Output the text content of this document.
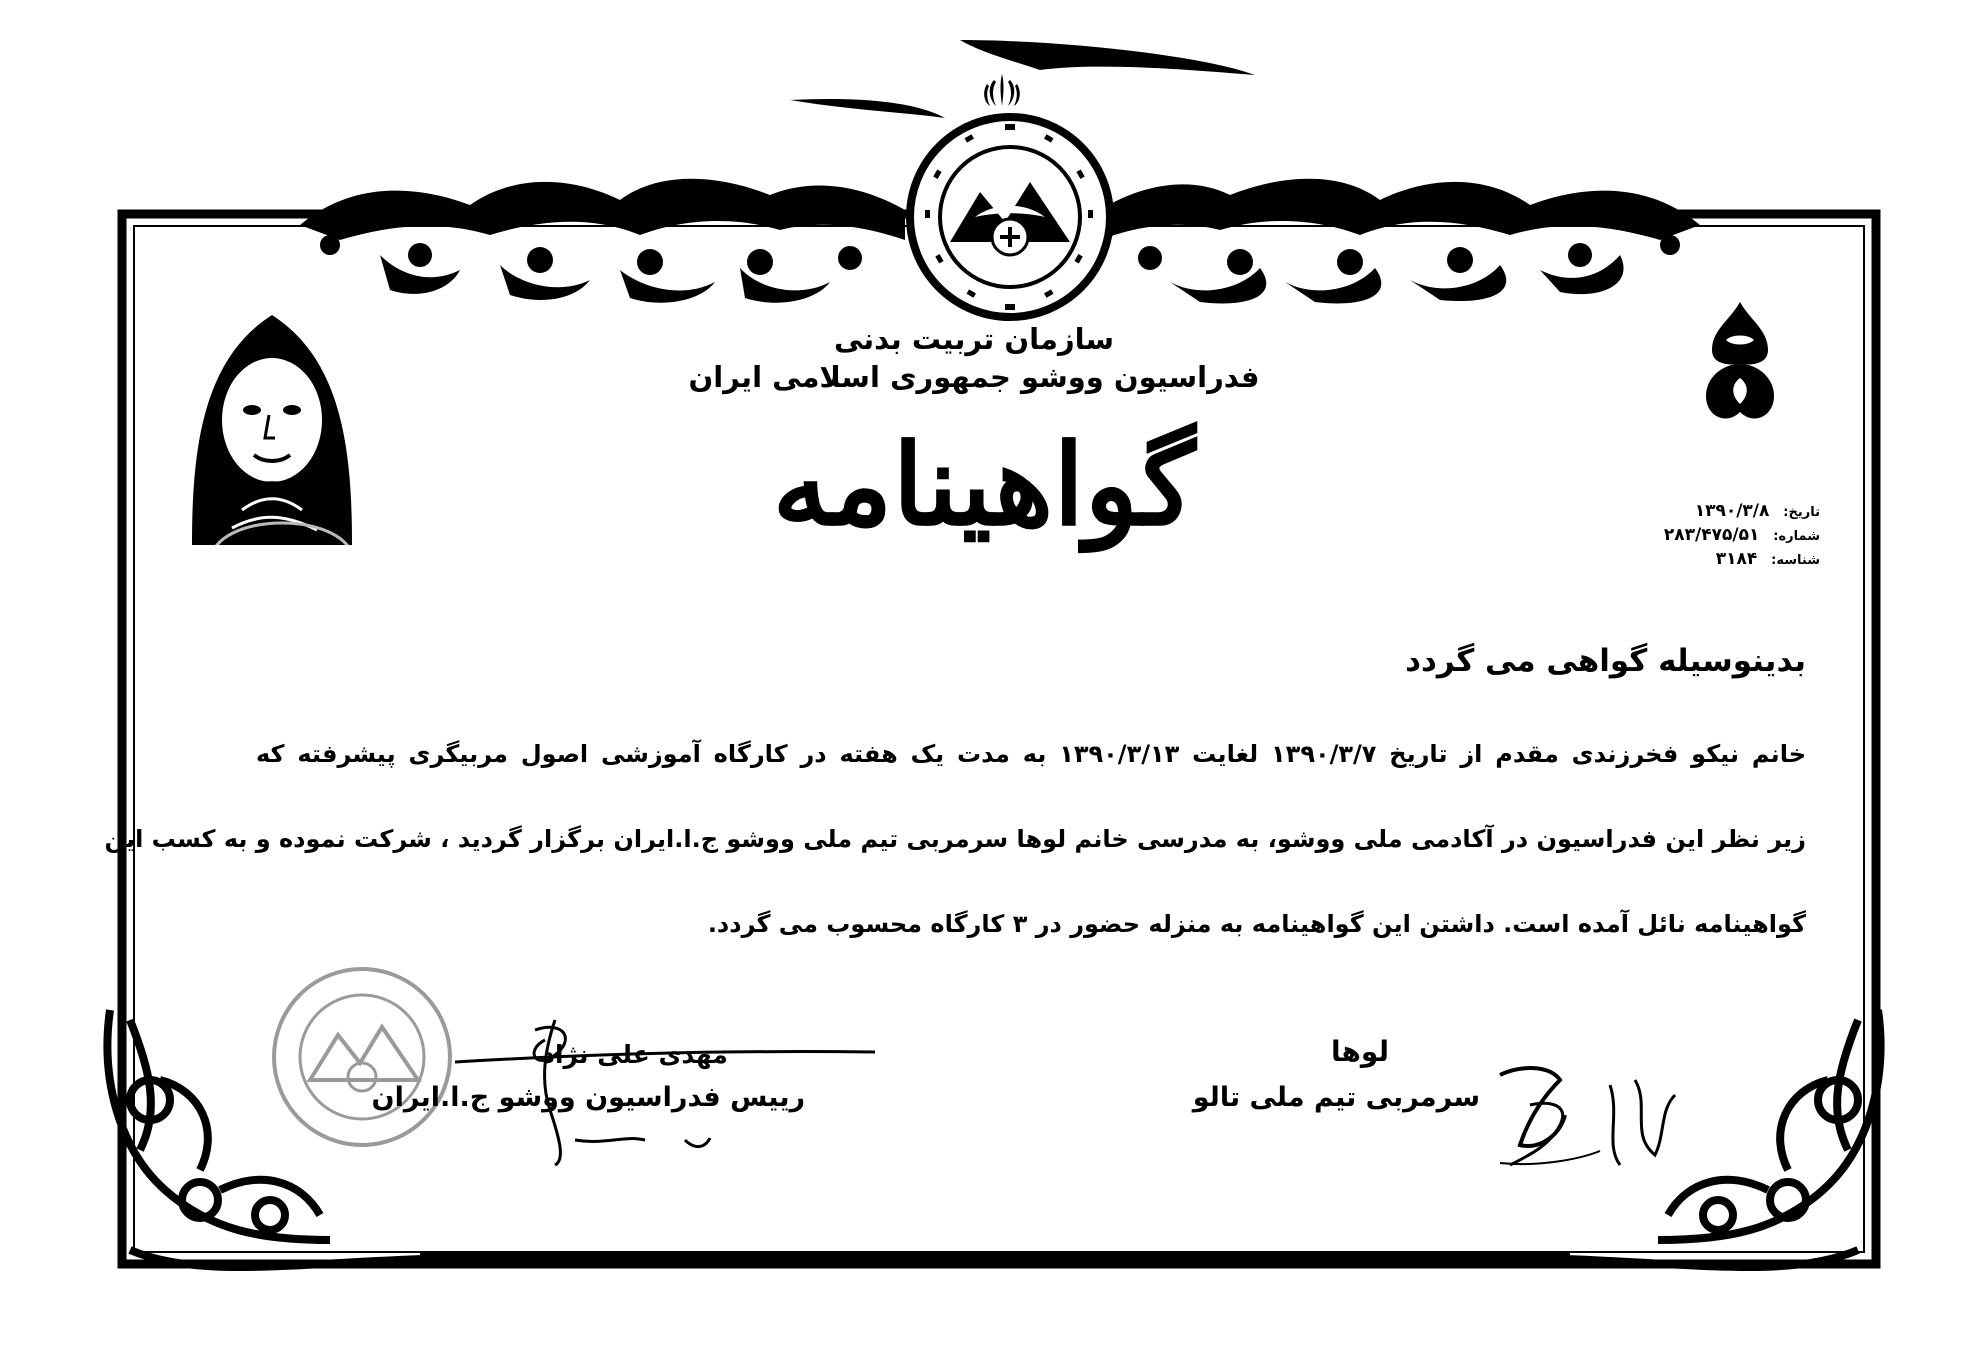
سازمان تربیت بدنی
فدراسیون ووشو جمهوری اسلامی ایران
گواهینامه	تاریخ: ۱۳۹۰/۳/۸
شماره: ۲۸۳/۴۷۵/۵۱
شناسه: ۳۱۸۴
بدینوسیله گواهی می گردد
خانم نیکو فخرزندی مقدم از تاریخ ۱۳۹۰/۳/۷ لغایت ۱۳۹۰/۳/۱۳ به مدت یک هفته در کارگاه آموزشی اصول مربیگری پیشرفته که
زیر نظر این فدراسیون در آکادمی ملی ووشو، به مدرسی خانم لوها سرمربی تیم ملی ووشو ج.ا.ایران برگزار گردید ، شرکت نموده و به کسب این
گواهینامه نائل آمده است. داشتن این گواهینامه به منزله حضور در ۳ کارگاه محسوب می گردد.
مهدی علی نژاد
رییس فدراسیون ووشو ج.ا.ایران
لوها
سرمربی تیم ملی تالو
